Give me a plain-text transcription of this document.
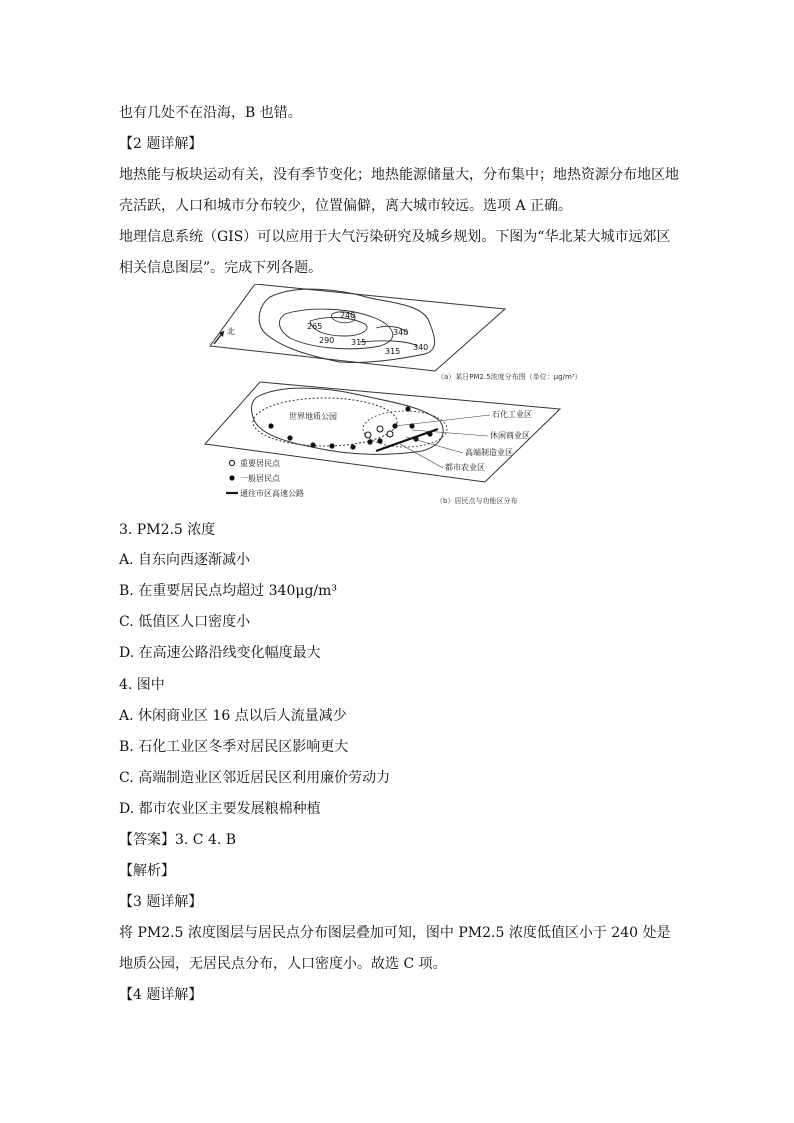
也有几处不在沿海，B 也错。
【2 题详解】
地热能与板块运动有关，没有季节变化；地热能源储量大，分布集中；地热资源分布地区地壳活跃，人口和城市分布较少，位置偏僻，离大城市较远。选项 A 正确。
地理信息系统（GIS）可以应用于大气污染研究及城乡规划。下图为“华北某大城市远郊区相关信息图层”。完成下列各题。
北
240
265
290 315
340
315 340
（a）某日PM2.5浓度分布图（单位：μg/m³）
世界地质公园	石化工业区
休闲商业区
高端制造业区
都市农业区
重要居民点
一般居民点
通往市区高速公路
（b）居民点与功能区分布
3. PM2.5 浓度
A. 自东向西逐渐减小
B. 在重要居民点均超过 340μg/m³
C. 低值区人口密度小
D. 在高速公路沿线变化幅度最大
4. 图中
A. 休闲商业区 16 点以后人流量减少
B. 石化工业区冬季对居民区影响更大
C. 高端制造业区邻近居民区利用廉价劳动力
D. 都市农业区主要发展粮棉种植
【答案】3. C 4. B
【解析】
【3 题详解】
将 PM2.5 浓度图层与居民点分布图层叠加可知，图中 PM2.5 浓度低值区小于 240 处是地质公园，无居民点分布，人口密度小。故选 C 项。
【4 题详解】
